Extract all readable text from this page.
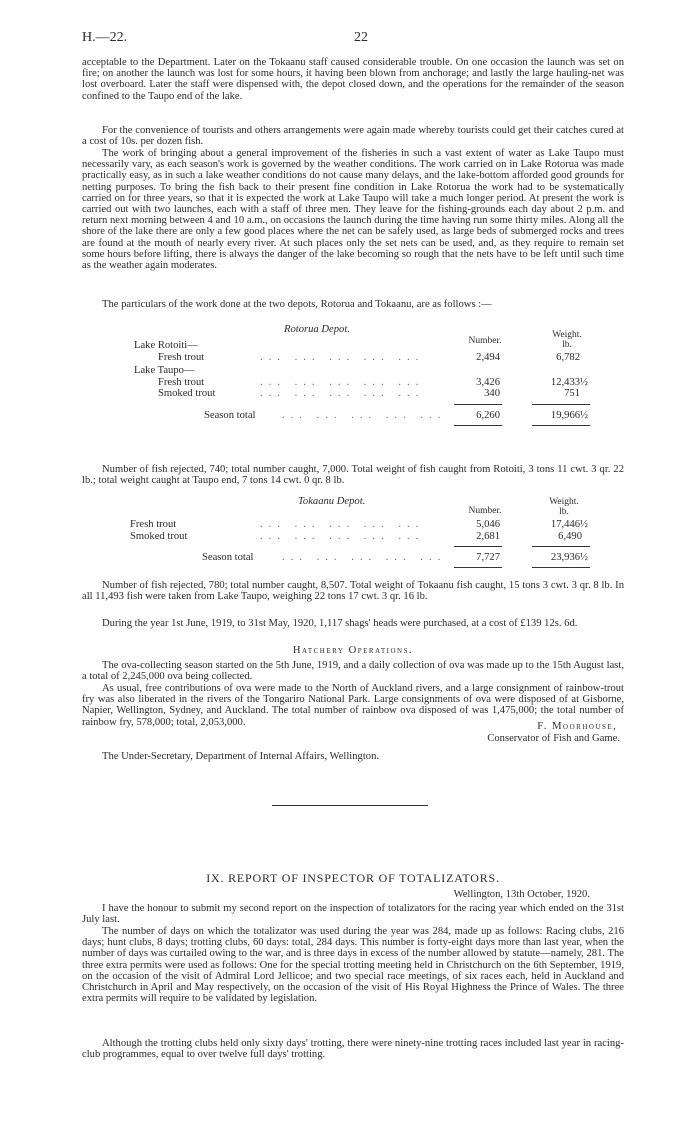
H.—22.	22
acceptable to the Department. Later on the Tokaanu staff caused considerable trouble. On one occasion the launch was set on fire; on another the launch was lost for some hours, it having been blown from anchorage; and lastly the large hauling-net was lost overboard. Later the staff were dispensed with, the depot closed down, and the operations for the remainder of the season confined to the Taupo end of the lake.
For the convenience of tourists and others arrangements were again made whereby tourists could get their catches cured at a cost of 10s. per dozen fish.
The work of bringing about a general improvement of the fisheries in such a vast extent of water as Lake Taupo must necessarily vary, as each season's work is governed by the weather conditions. The work carried on in Lake Rotorua was made practically easy, as in such a lake weather conditions do not cause many delays, and the lake-bottom afforded good grounds for netting purposes. To bring the fish back to their present fine condition in Lake Rotorua the work had to be systematically carried on for three years, so that it is expected the work at Lake Taupo will take a much longer period. At present the work is carried out with two launches, each with a staff of three men. They leave for the fishing-grounds each day about 2 p.m. and return next morning between 4 and 10 a.m., on occasions the launch during the time having run some thirty miles. Along all the shore of the lake there are only a few good places where the net can be safely used, as large beds of submerged rocks and trees are found at the mouth of nearly every river. At such places only the set nets can be used, and, as they require to remain set some hours before lifting, there is always the danger of the lake becoming so rough that the nets have to be left until such time as the weather again moderates.
The particulars of the work done at the two depots, Rotorua and Tokaanu, are as follows :—
Rotorua Depot.
Number.
Weight.
lb.
Lake Rotoiti—
Fresh trout	... ... ... ... ...	2,494	6,782
Lake Taupo—
Fresh trout	... ... ... ... ...	3,426	12,433½
Smoked trout	... ... ... ... ...	340	751
Season total	... ... ... ... ...	6,260	19,966½
Number of fish rejected, 740; total number caught, 7,000. Total weight of fish caught from Rotoiti, 3 tons 11 cwt. 3 qr. 22 lb.; total weight caught at Taupo end, 7 tons 14 cwt. 0 qr. 8 lb.
Tokaanu Depot.
Number.
Weight.
lb.
Fresh trout	... ... ... ... ...	5,046	17,446½
Smoked trout	... ... ... ... ...	2,681	6,490
Season total	... ... ... ... ...	7,727	23,936½
Number of fish rejected, 780; total number caught, 8,507. Total weight of Tokaanu fish caught, 15 tons 3 cwt. 3 qr. 8 lb. In all 11,493 fish were taken from Lake Taupo, weighing 22 tons 17 cwt. 3 qr. 16 lb.
During the year 1st June, 1919, to 31st May, 1920, 1,117 shags' heads were purchased, at a cost of £139 12s. 6d.
Hatchery Operations.
The ova-collecting season started on the 5th June, 1919, and a daily collection of ova was made up to the 15th August last, a total of 2,245,000 ova being collected.
As usual, free contributions of ova were made to the North of Auckland rivers, and a large consignment of rainbow-trout fry was also liberated in the rivers of the Tongariro National Park. Large consignments of ova were disposed of at Gisborne, Napier, Wellington, Sydney, and Auckland. The total number of rainbow ova disposed of was 1,475,000; the total number of rainbow fry, 578,000; total, 2,053,000.	F. Moorhouse,
Conservator of Fish and Game.
The Under-Secretary, Department of Internal Affairs, Wellington.
IX. REPORT OF INSPECTOR OF TOTALIZATORS.
Wellington, 13th October, 1920.
I have the honour to submit my second report on the inspection of totalizators for the racing year which ended on the 31st July last.
The number of days on which the totalizator was used during the year was 284, made up as follows: Racing clubs, 216 days; hunt clubs, 8 days; trotting clubs, 60 days: total, 284 days. This number is forty-eight days more than last year, when the number of days was curtailed owing to the war, and is three days in excess of the number allowed by statute—namely, 281. The three extra permits were used as follows: One for the special trotting meeting held in Christchurch on the 6th September, 1919, on the occasion of the visit of Admiral Lord Jellicoe; and two special race meetings, of six races each, held in Auckland and Christchurch in April and May respectively, on the occasion of the visit of His Royal Highness the Prince of Wales. The three extra permits will require to be validated by legislation.
Although the trotting clubs held only sixty days' trotting, there were ninety-nine trotting races included last year in racing-club programmes, equal to over twelve full days' trotting.
